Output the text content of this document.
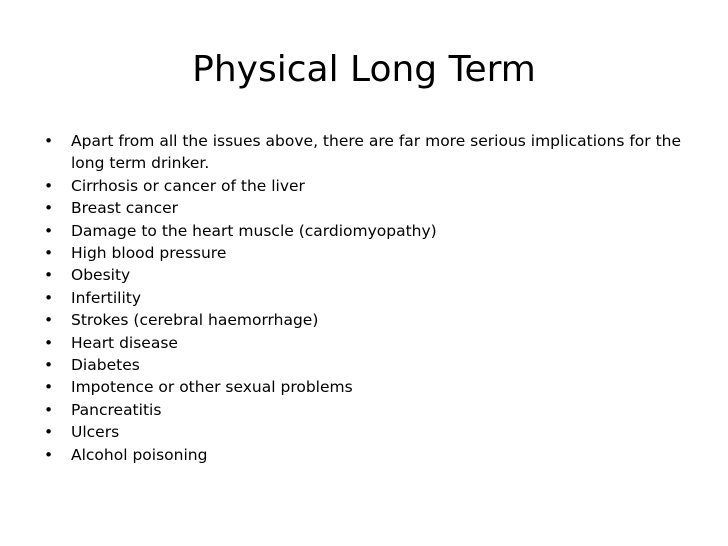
Physical Long Term
• Apart from all the issues above, there are far more serious implications for the long term drinker.
• Cirrhosis or cancer of the liver
• Breast cancer
• Damage to the heart muscle (cardiomyopathy)
• High blood pressure
• Obesity
• Infertility
• Strokes (cerebral haemorrhage)
• Heart disease
• Diabetes
• Impotence or other sexual problems
• Pancreatitis
• Ulcers
• Alcohol poisoning
